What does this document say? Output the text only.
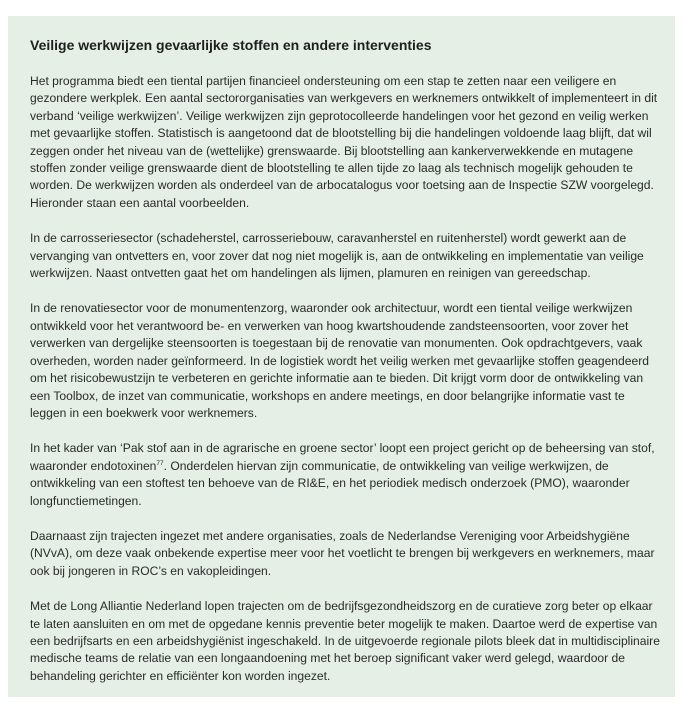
Veilige werkwijzen gevaarlijke stoffen en andere interventies

Het programma biedt een tiental partijen financieel ondersteuning om een stap te zetten naar een veiligere en gezondere werkplek. Een aantal sectororganisaties van werkgevers en werknemers ontwikkelt of implementeert in dit verband ‘veilige werkwijzen’. Veilige werkwijzen zijn geprotocolleerde handelingen voor het gezond en veilig werken met gevaarlijke stoffen. Statistisch is aangetoond dat de blootstelling bij die handelingen voldoende laag blijft, dat wil zeggen onder het niveau van de (wettelijke) grenswaarde. Bij blootstelling aan kankerverwekkende en mutagene stoffen zonder veilige grenswaarde dient de blootstelling te allen tijde zo laag als technisch mogelijk gehouden te worden. De werkwijzen worden als onderdeel van de arbocatalogus voor toetsing aan de Inspectie SZW voorgelegd. Hieronder staan een aantal voorbeelden.

In de carrosseriesector (schadeherstel, carrosseriebouw, caravanherstel en ruitenherstel) wordt gewerkt aan de vervanging van ontvetters en, voor zover dat nog niet mogelijk is, aan de ontwikkeling en implementatie van veilige werkwijzen. Naast ontvetten gaat het om handelingen als lijmen, plamuren en reinigen van gereedschap.

In de renovatiesector voor de monumentenzorg, waaronder ook architectuur, wordt een tiental veilige werkwijzen ontwikkeld voor het verantwoord be- en verwerken van hoog kwartshoudende zandsteensoorten, voor zover het verwerken van dergelijke steensoorten is toegestaan bij de renovatie van monumenten. Ook opdrachtgevers, vaak overheden, worden nader geïnformeerd. In de logistiek wordt het veilig werken met gevaarlijke stoffen geagendeerd om het risicobewustzijn te verbeteren en gerichte informatie aan te bieden. Dit krijgt vorm door de ontwikkeling van een Toolbox, de inzet van communicatie, workshops en andere meetings, en door belangrijke informatie vast te leggen in een boekwerk voor werknemers.

In het kader van ‘Pak stof aan in de agrarische en groene sector’ loopt een project gericht op de beheersing van stof, waaronder endotoxinen$^{77}$. Onderdelen hiervan zijn communicatie, de ontwikkeling van veilige werkwijzen, de ontwikkeling van een stoftest ten behoeve van de RI&E, en het periodiek medisch onderzoek (PMO), waaronder longfunctiemetingen.

Daarnaast zijn trajecten ingezet met andere organisaties, zoals de Nederlandse Vereniging voor Arbeidshygiëne (NVvA), om deze vaak onbekende expertise meer voor het voetlicht te brengen bij werkgevers en werknemers, maar ook bij jongeren in ROC’s en vakopleidingen.

Met de Long Alliantie Nederland lopen trajecten om de bedrijfsgezondheidszorg en de curatieve zorg beter op elkaar te laten aansluiten en om met de opgedane kennis preventie beter mogelijk te maken. Daartoe werd de expertise van een bedrijfsarts en een arbeidshygiënist ingeschakeld. In de uitgevoerde regionale pilots bleek dat in multidisciplinaire medische teams de relatie van een longaandoening met het beroep significant vaker werd gelegd, waardoor de behandeling gerichter en efficiënter kon worden ingezet.
